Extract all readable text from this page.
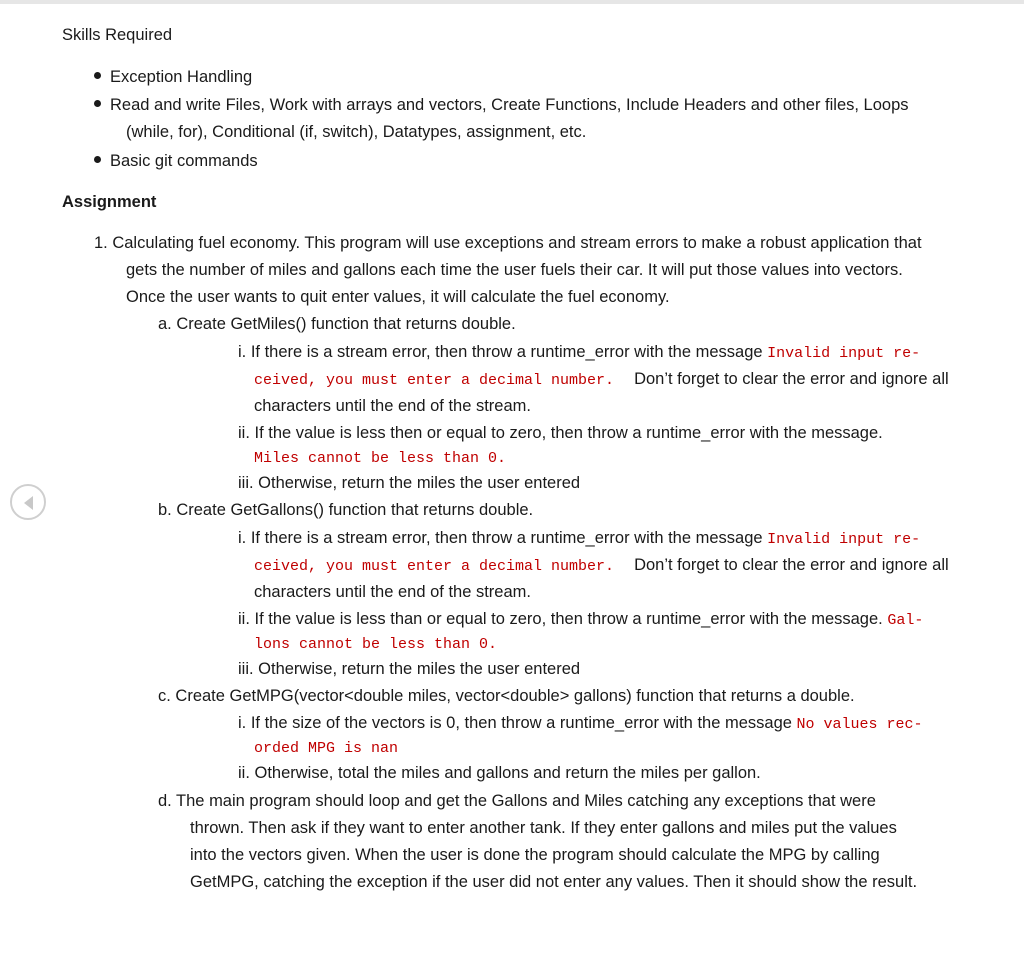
Skills Required
Exception Handling
Read and write Files, Work with arrays and vectors, Create Functions, Include Headers and other files, Loops
(while, for), Conditional (if, switch), Datatypes, assignment, etc.
Basic git commands
Assignment
1. Calculating fuel economy. This program will use exceptions and stream errors to make a robust application that
gets the number of miles and gallons each time the user fuels their car. It will put those values into vectors.
Once the user wants to quit enter values, it will calculate the fuel economy.
a. Create GetMiles() function that returns double.
i. If there is a stream error, then throw a runtime_error with the message Invalid input re-
ceived, you must enter a decimal number. Don’t forget to clear the error and ignore all
characters until the end of the stream.
ii. If the value is less then or equal to zero, then throw a runtime_error with the message.
Miles cannot be less than 0.
iii. Otherwise, return the miles the user entered
b. Create GetGallons() function that returns double.
i. If there is a stream error, then throw a runtime_error with the message Invalid input re-
ceived, you must enter a decimal number. Don’t forget to clear the error and ignore all
characters until the end of the stream.
ii. If the value is less than or equal to zero, then throw a runtime_error with the message. Gal-
lons cannot be less than 0.
iii. Otherwise, return the miles the user entered
c. Create GetMPG(vector<double miles, vector<double> gallons) function that returns a double.
i. If the size of the vectors is 0, then throw a runtime_error with the message No values rec-
orded MPG is nan
ii. Otherwise, total the miles and gallons and return the miles per gallon.
d. The main program should loop and get the Gallons and Miles catching any exceptions that were
thrown. Then ask if they want to enter another tank. If they enter gallons and miles put the values
into the vectors given. When the user is done the program should calculate the MPG by calling
GetMPG, catching the exception if the user did not enter any values. Then it should show the result.
